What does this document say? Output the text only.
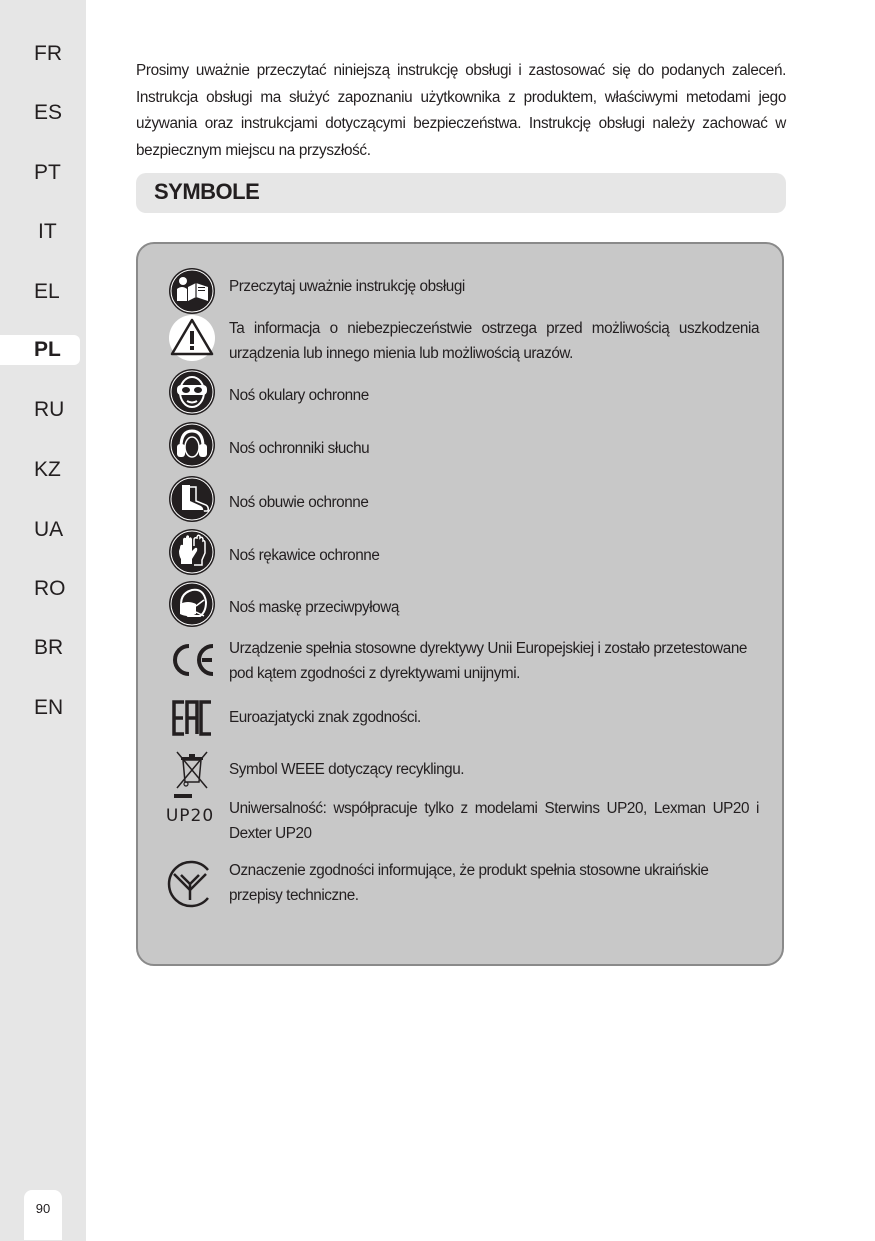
FR
ES
PT
IT
EL
PL
RU
KZ
UA
RO
BR
EN
90
Prosimy uważnie przeczytać niniejszą instrukcję obsługi i zastosować się do podanych zaleceń. Instrukcja obsługi ma służyć zapoznaniu użytkownika z produktem, właściwymi metodami jego używania oraz instrukcjami dotyczącymi bezpieczeństwa. Instrukcję obsługi należy zachować w bezpiecznym miejscu na przyszłość.
SYMBOLE
Przeczytaj uważnie instrukcję obsługi
Ta informacja o niebezpieczeństwie ostrzega przed możliwością uszkodzenia urządzenia lub innego mienia lub możliwością urazów.
Noś okulary ochronne
Noś ochronniki słuchu
Noś obuwie ochronne
Noś rękawice ochronne
Noś maskę przeciwpyłową
Urządzenie spełnia stosowne dyrektywy Unii Europejskiej i zostało przetestowane pod kątem zgodności z dyrektywami unijnymi.
Euroazjatycki znak zgodności.
Symbol WEEE dotyczący recyklingu.
UP20 Uniwersalność: współpracuje tylko z modelami Sterwins UP20, Lexman UP20 i Dexter UP20
Oznaczenie zgodności informujące, że produkt spełnia stosowne ukraińskie przepisy techniczne.
